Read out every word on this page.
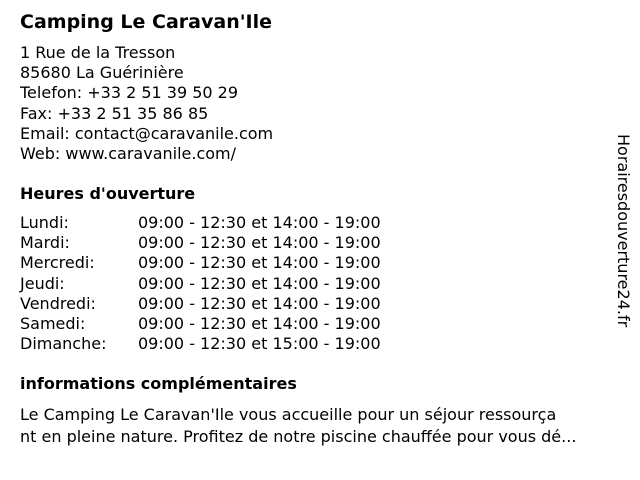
Camping Le Caravan'Ile
1 Rue de la Tresson
85680 La Guérinière
Telefon: +33 2 51 39 50 29
Fax: +33 2 51 35 86 85
Email: contact@caravanile.com
Web: www.caravanile.com/
Heures d'ouverture
Lundi:	09:00 - 12:30 et 14:00 - 19:00
Mardi:	09:00 - 12:30 et 14:00 - 19:00
Mercredi:	09:00 - 12:30 et 14:00 - 19:00
Jeudi:	09:00 - 12:30 et 14:00 - 19:00
Vendredi:	09:00 - 12:30 et 14:00 - 19:00
Samedi:	09:00 - 12:30 et 14:00 - 19:00
Dimanche:	09:00 - 12:30 et 15:00 - 19:00
informations complémentaires
Le Camping Le Caravan'Ile vous accueille pour un séjour ressourça
nt en pleine nature. Profitez de notre piscine chauffée pour vous dé...
Horairesdouverture24.fr
